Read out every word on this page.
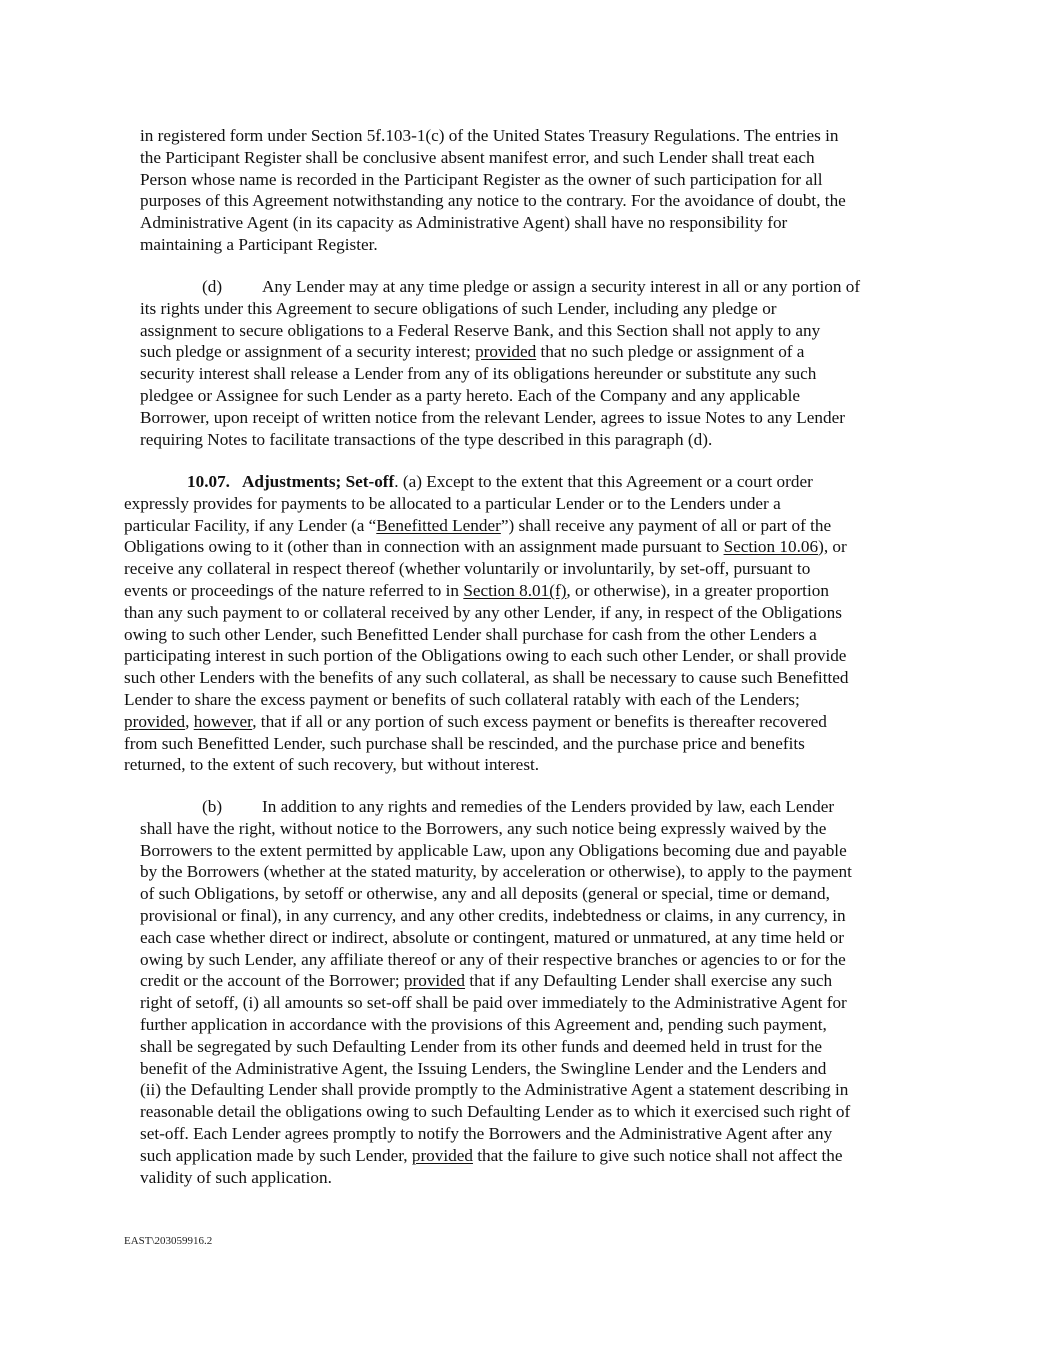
in registered form under Section 5f.103-1(c) of the United States Treasury Regulations. The entries in
the Participant Register shall be conclusive absent manifest error, and such Lender shall treat each
Person whose name is recorded in the Participant Register as the owner of such participation for all
purposes of this Agreement notwithstanding any notice to the contrary. For the avoidance of doubt, the
Administrative Agent (in its capacity as Administrative Agent) shall have no responsibility for
maintaining a Participant Register.
(d) Any Lender may at any time pledge or assign a security interest in all or any portion of
its rights under this Agreement to secure obligations of such Lender, including any pledge or
assignment to secure obligations to a Federal Reserve Bank, and this Section shall not apply to any
such pledge or assignment of a security interest; provided that no such pledge or assignment of a
security interest shall release a Lender from any of its obligations hereunder or substitute any such
pledgee or Assignee for such Lender as a party hereto. Each of the Company and any applicable
Borrower, upon receipt of written notice from the relevant Lender, agrees to issue Notes to any Lender
requiring Notes to facilitate transactions of the type described in this paragraph (d).
10.07. Adjustments; Set-off. (a) Except to the extent that this Agreement or a court order
expressly provides for payments to be allocated to a particular Lender or to the Lenders under a
particular Facility, if any Lender (a “Benefitted Lender”) shall receive any payment of all or part of the
Obligations owing to it (other than in connection with an assignment made pursuant to Section 10.06), or
receive any collateral in respect thereof (whether voluntarily or involuntarily, by set-off, pursuant to
events or proceedings of the nature referred to in Section 8.01(f), or otherwise), in a greater proportion
than any such payment to or collateral received by any other Lender, if any, in respect of the Obligations
owing to such other Lender, such Benefitted Lender shall purchase for cash from the other Lenders a
participating interest in such portion of the Obligations owing to each such other Lender, or shall provide
such other Lenders with the benefits of any such collateral, as shall be necessary to cause such Benefitted
Lender to share the excess payment or benefits of such collateral ratably with each of the Lenders;
provided, however, that if all or any portion of such excess payment or benefits is thereafter recovered
from such Benefitted Lender, such purchase shall be rescinded, and the purchase price and benefits
returned, to the extent of such recovery, but without interest.
(b) In addition to any rights and remedies of the Lenders provided by law, each Lender
shall have the right, without notice to the Borrowers, any such notice being expressly waived by the
Borrowers to the extent permitted by applicable Law, upon any Obligations becoming due and payable
by the Borrowers (whether at the stated maturity, by acceleration or otherwise), to apply to the payment
of such Obligations, by setoff or otherwise, any and all deposits (general or special, time or demand,
provisional or final), in any currency, and any other credits, indebtedness or claims, in any currency, in
each case whether direct or indirect, absolute or contingent, matured or unmatured, at any time held or
owing by such Lender, any affiliate thereof or any of their respective branches or agencies to or for the
credit or the account of the Borrower; provided that if any Defaulting Lender shall exercise any such
right of setoff, (i) all amounts so set-off shall be paid over immediately to the Administrative Agent for
further application in accordance with the provisions of this Agreement and, pending such payment,
shall be segregated by such Defaulting Lender from its other funds and deemed held in trust for the
benefit of the Administrative Agent, the Issuing Lenders, the Swingline Lender and the Lenders and
(ii) the Defaulting Lender shall provide promptly to the Administrative Agent a statement describing in
reasonable detail the obligations owing to such Defaulting Lender as to which it exercised such right of
set-off. Each Lender agrees promptly to notify the Borrowers and the Administrative Agent after any
such application made by such Lender, provided that the failure to give such notice shall not affect the
validity of such application.
EAST\203059916.2
